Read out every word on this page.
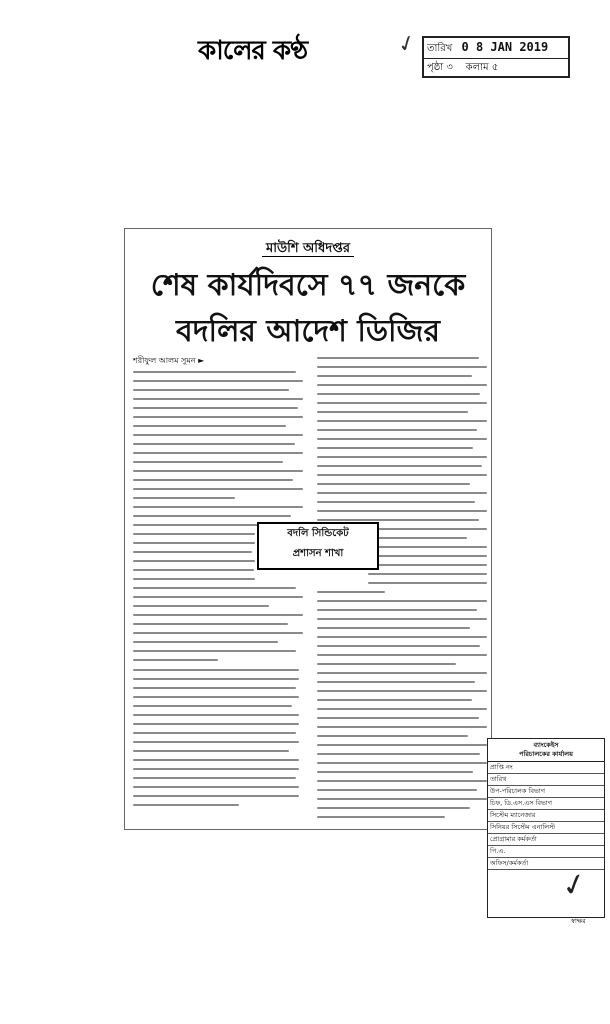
কালের কণ্ঠ	✓ তারিখ 0 8 JAN 2019
পৃষ্ঠা ৩ কলাম ৫
মাউশি অধিদপ্তর
শেষ কার্যদিবসে ৭৭ জনকে
বদলির আদেশ ডিজির
শরীফুল আলম সুমন ►
বদলি সিন্ডিকেট
প্রশাসন শাখা
ব্যাংকেইস
পরিচালকের কার্যালয়
প্রাপ্তি নং
তারিখ
উপ-পরিচালক বিভাগ
চিফ, ডি.এস.এস বিভাগ
সিস্টেম ম্যানেজার
সিনিয়র সিস্টেম এনালিস্ট
প্রোগ্রামার কর্মকর্তা
পি.এ.
অফিস/কর্মকর্তা
✓
স্বাক্ষর
